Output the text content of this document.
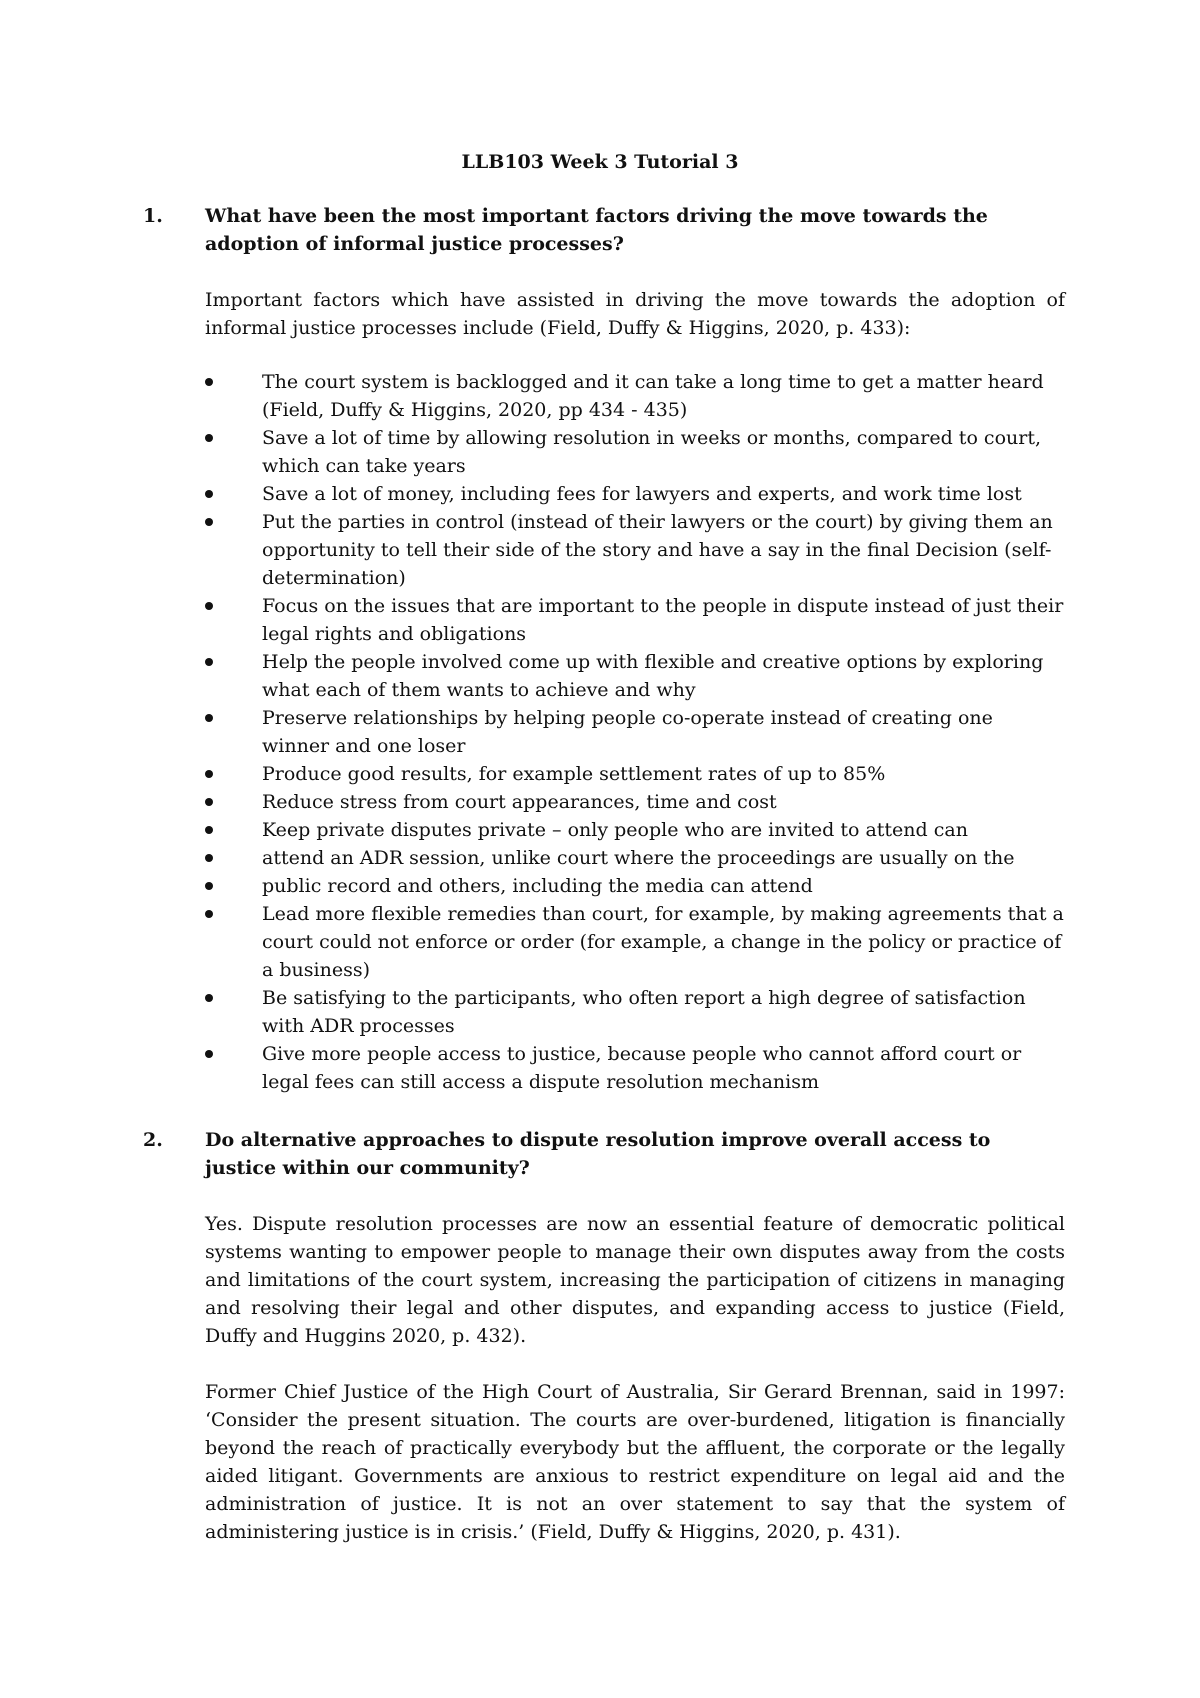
LLB103 Week 3 Tutorial 3
1. What have been the most important factors driving the move towards the adoption of informal justice processes?

Important factors which have assisted in driving the move towards the adoption of informal justice processes include (Field, Duffy & Higgins, 2020, p. 433):

The court system is backlogged and it can take a long time to get a matter heard (Field, Duffy & Higgins, 2020, pp 434 - 435)
Save a lot of time by allowing resolution in weeks or months, compared to court, which can take years
Save a lot of money, including fees for lawyers and experts, and work time lost
Put the parties in control (instead of their lawyers or the court) by giving them an opportunity to tell their side of the story and have a say in the final Decision (self-determination)
Focus on the issues that are important to the people in dispute instead of just their legal rights and obligations
Help the people involved come up with flexible and creative options by exploring what each of them wants to achieve and why
Preserve relationships by helping people co-operate instead of creating one winner and one loser
Produce good results, for example settlement rates of up to 85%
Reduce stress from court appearances, time and cost
Keep private disputes private – only people who are invited to attend can
attend an ADR session, unlike court where the proceedings are usually on the
public record and others, including the media can attend
Lead more flexible remedies than court, for example, by making agreements that a court could not enforce or order (for example, a change in the policy or practice of a business)
Be satisfying to the participants, who often report a high degree of satisfaction with ADR processes
Give more people access to justice, because people who cannot afford court or legal fees can still access a dispute resolution mechanism
2. Do alternative approaches to dispute resolution improve overall access to justice within our community?

Yes. Dispute resolution processes are now an essential feature of democratic political systems wanting to empower people to manage their own disputes away from the costs and limitations of the court system, increasing the participation of citizens in managing and resolving their legal and other disputes, and expanding access to justice (Field, Duffy and Huggins 2020, p. 432).

Former Chief Justice of the High Court of Australia, Sir Gerard Brennan, said in 1997: ‘Consider the present situation. The courts are over-burdened, litigation is financially beyond the reach of practically everybody but the affluent, the corporate or the legally aided litigant. Governments are anxious to restrict expenditure on legal aid and the administration of justice. It is not an over statement to say that the system of administering justice is in crisis.’ (Field, Duffy & Higgins, 2020, p. 431).
